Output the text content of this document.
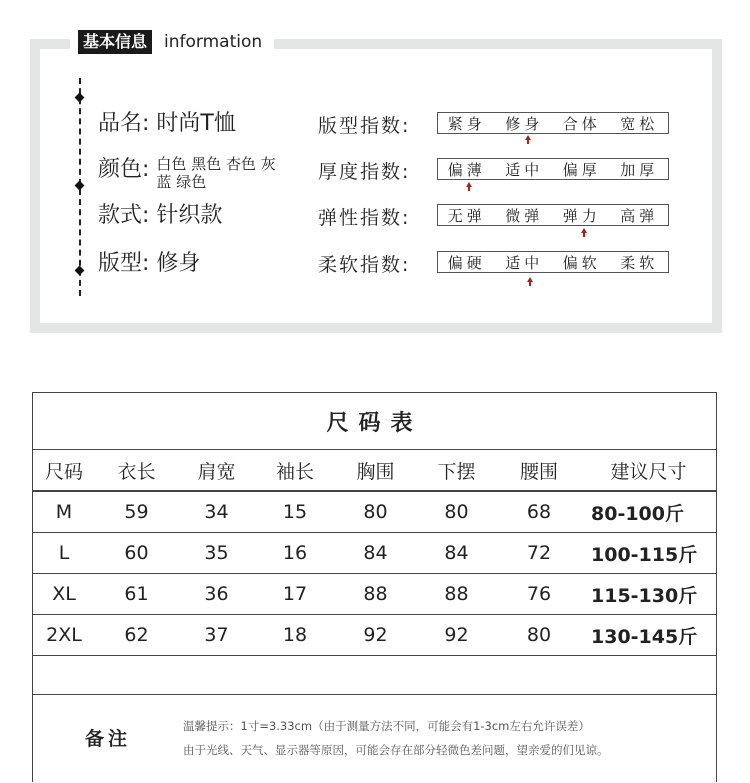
基本信息 information
品名: 时尚T恤
颜色: 白色 黑色 杏色 灰蓝 绿色
款式: 针织款
版型: 修身
版型指数: 紧身 修身 合体 宽松
厚度指数: 偏薄 适中 偏厚 加厚
弹性指数: 无弹 微弹 弹力 高弹
柔软指数: 偏硬 适中 偏软 柔软
尺码表
尺码	衣长	肩宽	袖长	胸围	下摆	腰围	建议尺寸
M	59	34	15	80	80	68	80-100斤
L	60	35	16	84	84	72	100-115斤
XL	61	36	17	88	88	76	115-130斤
2XL	62	37	18	92	92	80	130-145斤
备注
温馨提示：1寸=3.33cm（由于测量方法不同，可能会有1-3cm左右允许误差）
由于光线、天气、显示器等原因，可能会存在部分轻微色差问题，望亲爱的们见谅。
